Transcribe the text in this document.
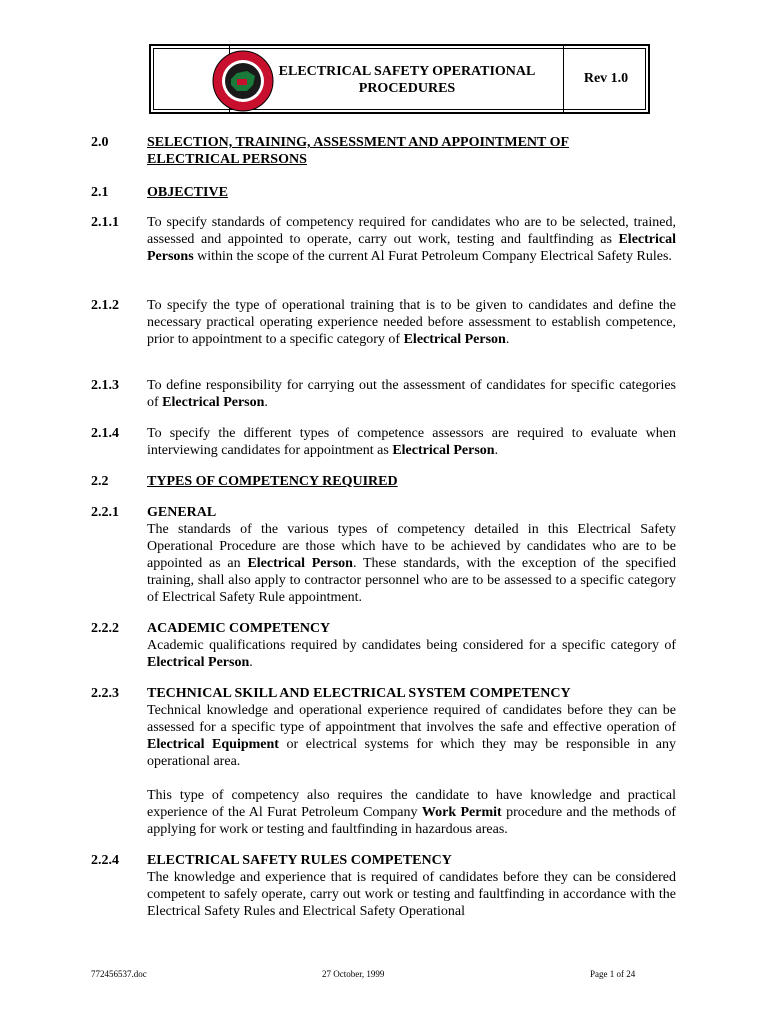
ELECTRICAL SAFETY OPERATIONAL
PROCEDURES
Rev 1.0
2.0	SELECTION, TRAINING, ASSESSMENT AND APPOINTMENT OF
ELECTRICAL PERSONS
2.1	OBJECTIVE
2.1.1 To specify standards of competency required for candidates who are to be selected, trained, assessed and appointed to operate, carry out work, testing and faultfinding as Electrical Persons within the scope of the current Al Furat Petroleum Company Electrical Safety Rules.
2.1.2 To specify the type of operational training that is to be given to candidates and define the necessary practical operating experience needed before assessment to establish competence, prior to appointment to a specific category of Electrical Person.
2.1.3 To define responsibility for carrying out the assessment of candidates for specific categories of Electrical Person.
2.1.4 To specify the different types of competence assessors are required to evaluate when interviewing candidates for appointment as Electrical Person.
2.2	TYPES OF COMPETENCY REQUIRED
2.2.1 GENERAL
The standards of the various types of competency detailed in this Electrical Safety Operational Procedure are those which have to be achieved by candidates who are to be appointed as an Electrical Person. These standards, with the exception of the specified training, shall also apply to contractor personnel who are to be assessed to a specific category of Electrical Safety Rule appointment.
2.2.2 ACADEMIC COMPETENCY
Academic qualifications required by candidates being considered for a specific category of Electrical Person.
2.2.3 TECHNICAL SKILL AND ELECTRICAL SYSTEM COMPETENCY
Technical knowledge and operational experience required of candidates before they can be assessed for a specific type of appointment that involves the safe and effective operation of Electrical Equipment or electrical systems for which they may be responsible in any operational area.
This type of competency also requires the candidate to have knowledge and practical experience of the Al Furat Petroleum Company Work Permit procedure and the methods of applying for work or testing and faultfinding in hazardous areas.
2.2.4 ELECTRICAL SAFETY RULES COMPETENCY
The knowledge and experience that is required of candidates before they can be considered competent to safely operate, carry out work or testing and faultfinding in accordance with the Electrical Safety Rules and Electrical Safety Operational
772456537.doc	27 October, 1999	Page 1 of 24
